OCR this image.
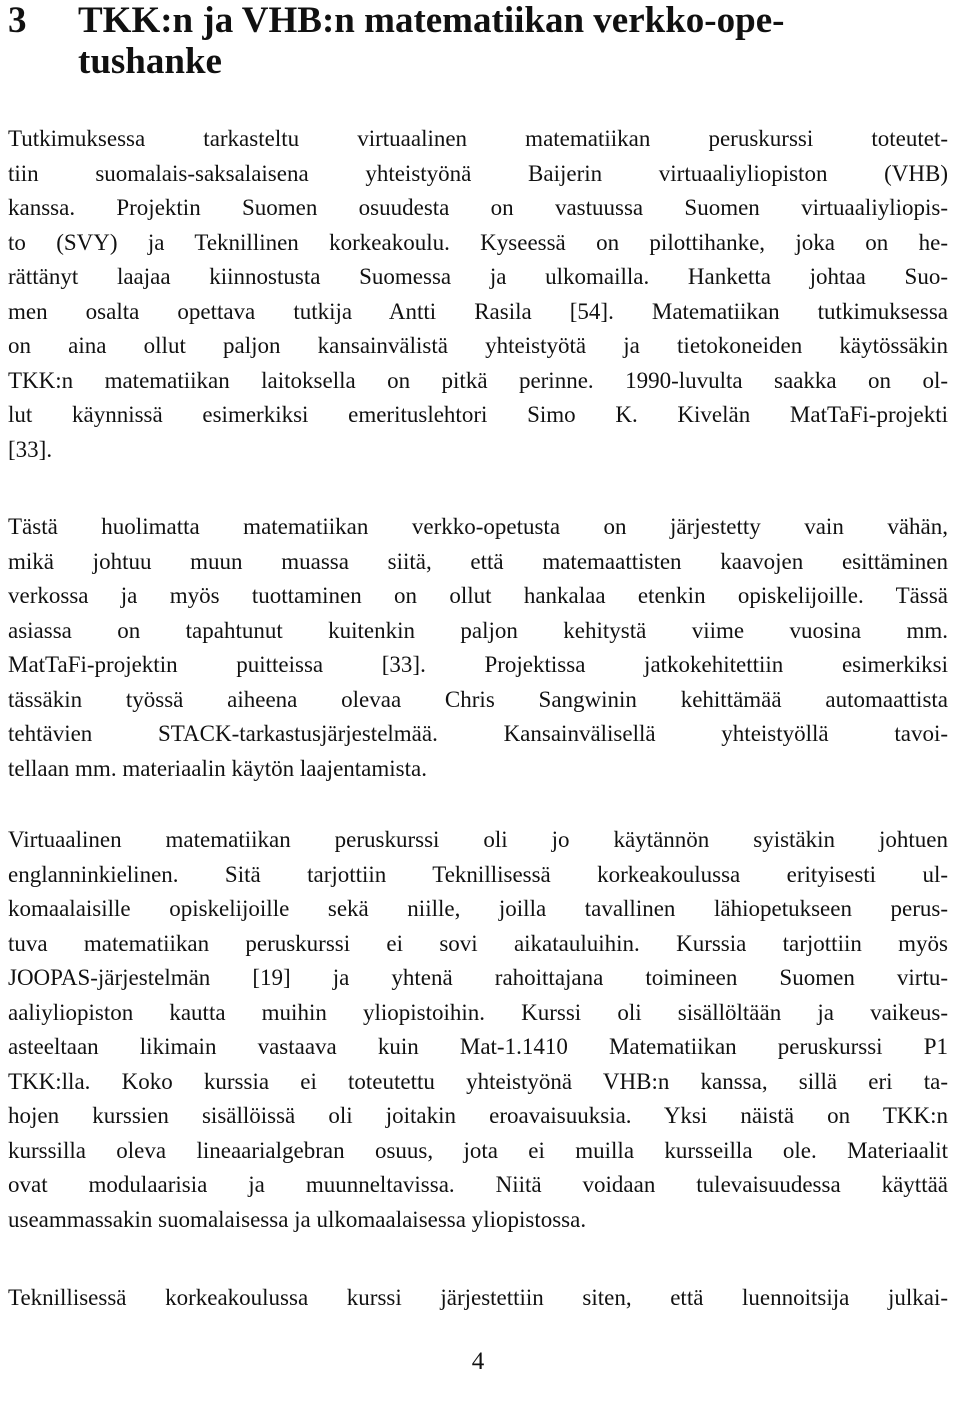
3	TKK:n ja VHB:n matematiikan verkko-ope-
tushanke

Tutkimuksessa tarkasteltu virtuaalinen matematiikan peruskurssi toteutet-
tiin suomalais-saksalaisena yhteistyönä Baijerin virtuaaliyliopiston (VHB)
kanssa. Projektin Suomen osuudesta on vastuussa Suomen virtuaaliyliopis-
to (SVY) ja Teknillinen korkeakoulu. Kyseessä on pilottihanke, joka on he-
rättänyt laajaa kiinnostusta Suomessa ja ulkomailla. Hanketta johtaa Suo-
men osalta opettava tutkija Antti Rasila [54]. Matematiikan tutkimuksessa
on aina ollut paljon kansainvälistä yhteistyötä ja tietokoneiden käytössäkin
TKK:n matematiikan laitoksella on pitkä perinne. 1990-luvulta saakka on ol-
lut käynnissä esimerkiksi emerituslehtori Simo K. Kivelän MatTaFi-projekti
[33].

Tästä huolimatta matematiikan verkko-opetusta on järjestetty vain vähän,
mikä johtuu muun muassa siitä, että matemaattisten kaavojen esittäminen
verkossa ja myös tuottaminen on ollut hankalaa etenkin opiskelijoille. Tässä
asiassa on tapahtunut kuitenkin paljon kehitystä viime vuosina mm.
MatTaFi-projektin puitteissa [33]. Projektissa jatkokehitettiin esimerkiksi
tässäkin työssä aiheena olevaa Chris Sangwinin kehittämää automaattista
tehtävien STACK-tarkastusjärjestelmää. Kansainvälisellä yhteistyöllä tavoi-
tellaan mm. materiaalin käytön laajentamista.

Virtuaalinen matematiikan peruskurssi oli jo käytännön syistäkin johtuen
englanninkielinen. Sitä tarjottiin Teknillisessä korkeakoulussa erityisesti ul-
komaalaisille opiskelijoille sekä niille, joilla tavallinen lähiopetukseen perus-
tuva matematiikan peruskurssi ei sovi aikatauluihin. Kurssia tarjottiin myös
JOOPAS-järjestelmän [19] ja yhtenä rahoittajana toimineen Suomen virtu-
aaliyliopiston kautta muihin yliopistoihin. Kurssi oli sisällöltään ja vaikeus-
asteeltaan likimain vastaava kuin Mat-1.1410 Matematiikan peruskurssi P1
TKK:lla. Koko kurssia ei toteutettu yhteistyönä VHB:n kanssa, sillä eri ta-
hojen kurssien sisällöissä oli joitakin eroavaisuuksia. Yksi näistä on TKK:n
kurssilla oleva lineaarialgebran osuus, jota ei muilla kursseilla ole. Materiaalit
ovat modulaarisia ja muunneltavissa. Niitä voidaan tulevaisuudessa käyttää
useammassakin suomalaisessa ja ulkomaalaisessa yliopistossa.

Teknillisessä korkeakoulussa kurssi järjestettiin siten, että luennoitsija julkai-

4
